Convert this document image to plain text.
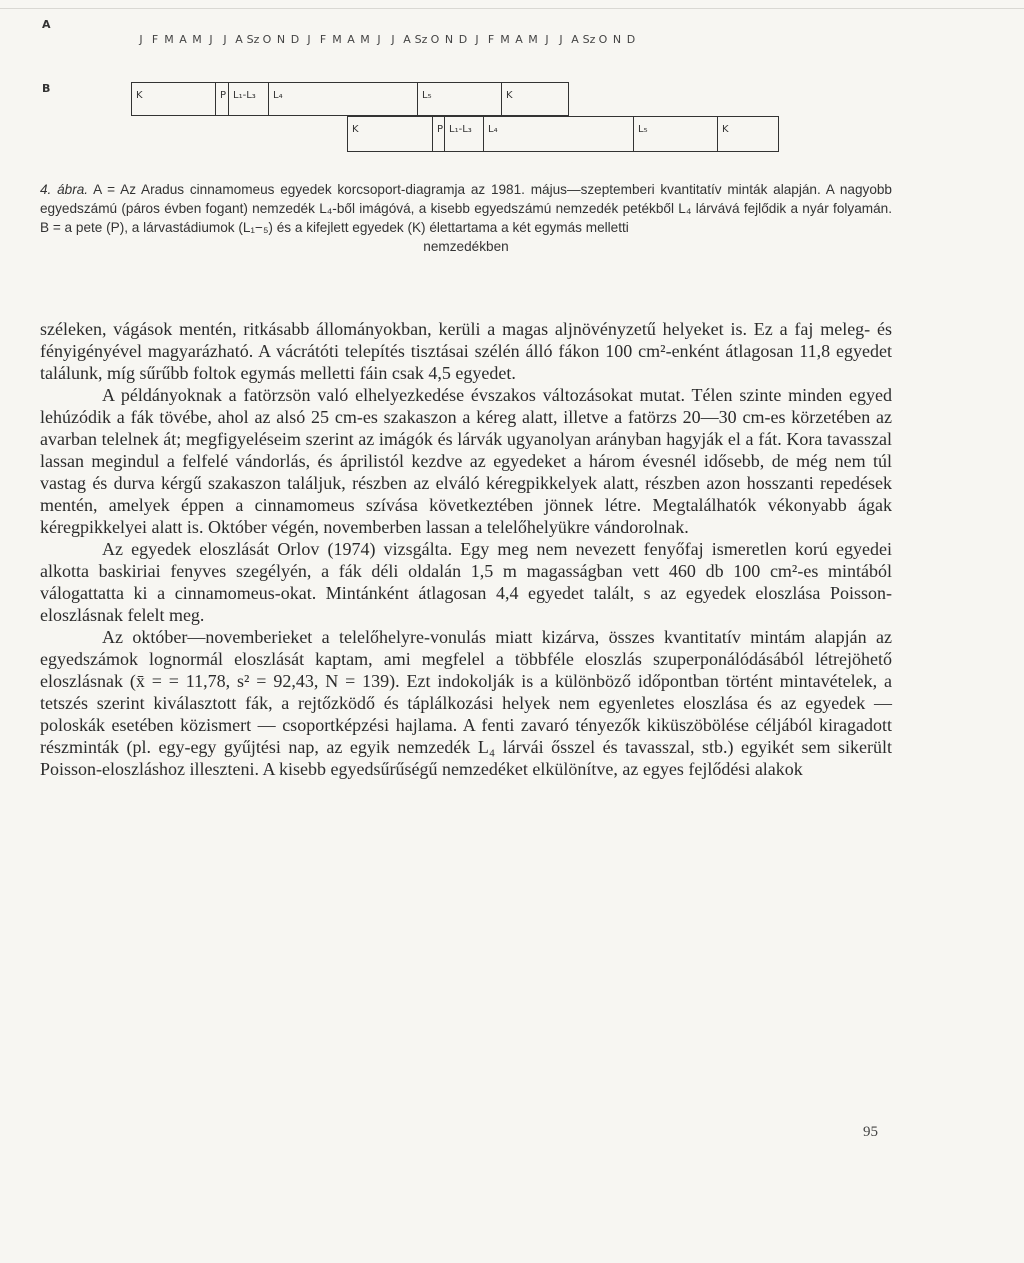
A
B
J F M A M J J A Sz O N D J F M A M J J A Sz O N D J F M A M J J A Sz O N D
K	P L₁-L₃ L₄	L₅	K
K	P L₁-L₃ L₄	L₅	K
4. ábra. A = Az Aradus cinnamomeus egyedek korcsoport-diagramja az 1981. május—szeptemberi kvantitatív minták alapján. A nagyobb egyedszámú (páros évben fogant) nemzedék L₄-ből imágóvá, a kisebb egyedszámú nemzedék petékből L₄ lárvává fejlődik a nyár folyamán. B = a pete (P), a lárvastádiumok (L₁−₅) és a kifejlett egyedek (K) élettartama a két egymás melletti
nemzedékben

széleken, vágások mentén, ritkásabb állományokban, kerüli a magas aljnövényzetű helyeket is. Ez a faj meleg- és fényigényével magyarázható. A vácrátóti telepítés tisztásai szélén álló fákon 100 cm²-enként átlagosan 11,8 egyedet találunk, míg sűrűbb foltok egymás melletti fáin csak 4,5 egyedet.

A példányoknak a fatörzsön való elhelyezkedése évszakos változásokat mutat. Télen szinte minden egyed lehúzódik a fák tövébe, ahol az alsó 25 cm-es szakaszon a kéreg alatt, illetve a fatörzs 20—30 cm-es körzetében az avarban telelnek át; megfigyeléseim szerint az imágók és lárvák ugyanolyan arányban hagyják el a fát. Kora tavasszal lassan megindul a felfelé vándorlás, és áprilistól kezdve az egyedeket a három évesnél idősebb, de még nem túl vastag és durva kérgű szakaszon találjuk, részben az elváló kéregpikkelyek alatt, részben azon hosszanti repedések mentén, amelyek éppen a cinnamomeus szívása következtében jönnek létre. Megtalálhatók vékonyabb ágak kéregpikkelyei alatt is. Október végén, novemberben lassan a telelőhelyükre vándorolnak.

Az egyedek eloszlását Orlov (1974) vizsgálta. Egy meg nem nevezett fenyőfaj ismeretlen korú egyedei alkotta baskiriai fenyves szegélyén, a fák déli oldalán 1,5 m magasságban vett 460 db 100 cm²-es mintából válogattatta ki a cinnamomeus-okat. Mintánként átlagosan 4,4 egyedet talált, s az egyedek eloszlása Poisson-eloszlásnak felelt meg.

Az október—novemberieket a telelőhelyre-vonulás miatt kizárva, összes kvantitatív mintám alapján az egyedszámok lognormál eloszlását kaptam, ami megfelel a többféle eloszlás szuperponálódásából létrejöhető eloszlásnak (x̄ = = 11,78, s² = 92,43, N = 139). Ezt indokolják is a különböző időpontban történt mintavételek, a tetszés szerint kiválasztott fák, a rejtőzködő és táplálkozási helyek nem egyenletes eloszlása és az egyedek — poloskák esetében közismert — csoportképzési hajlama. A fenti zavaró tényezők kiküszöbölése céljából kiragadott részminták (pl. egy-egy gyűjtési nap, az egyik nemzedék L₄ lárvái ősszel és tavasszal, stb.) egyikét sem sikerült Poisson-eloszláshoz illeszteni. A kisebb egyedsűrűségű nemzedéket elkülönítve, az egyes fejlődési alakok

95
